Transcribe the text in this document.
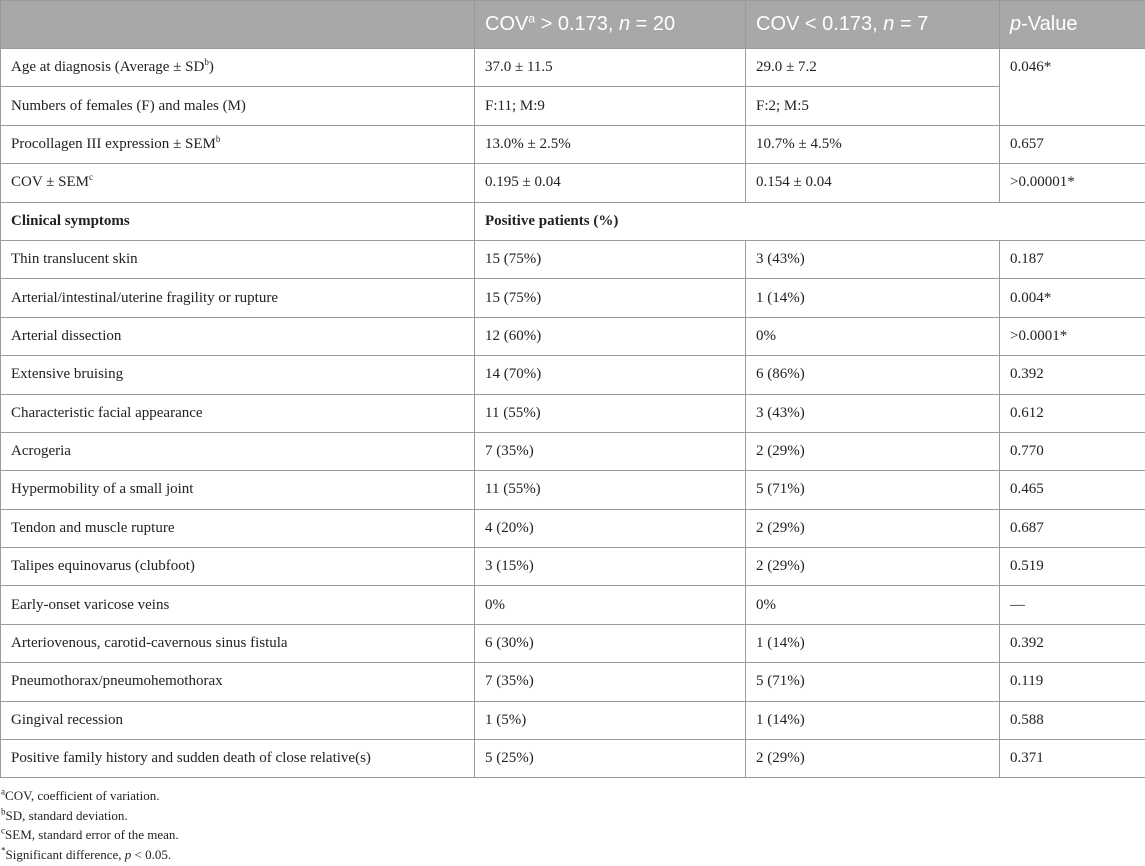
	$COV^a > 0.173$, n = 20	COV < 0.173, n = 7	p-Value
Age at diagnosis (Average ± $SD^b$)	37.0 ± 11.5	29.0 ± 7.2	0.046*
Numbers of females (F) and males (M)	F:11; M:9	F:2; M:5	
Procollagen III expression ± $SEM^b$	13.0% ± 2.5%	10.7% ± 4.5%	0.657
COV ± $SEM^c$	0.195 ± 0.04	0.154 ± 0.04	>0.00001*
Clinical symptoms	Positive patients (%)		
Thin translucent skin	15 (75%)	3 (43%)	0.187
Arterial/intestinal/uterine fragility or rupture	15 (75%)	1 (14%)	0.004*
Arterial dissection	12 (60%)	0%	>0.0001*
Extensive bruising	14 (70%)	6 (86%)	0.392
Characteristic facial appearance	11 (55%)	3 (43%)	0.612
Acrogeria	7 (35%)	2 (29%)	0.770
Hypermobility of a small joint	11 (55%)	5 (71%)	0.465
Tendon and muscle rupture	4 (20%)	2 (29%)	0.687
Talipes equinovarus (clubfoot)	3 (15%)	2 (29%)	0.519
Early-onset varicose veins	0%	0%	—
Arteriovenous, carotid-cavernous sinus fistula	6 (30%)	1 (14%)	0.392
Pneumothorax/pneumohemothorax	7 (35%)	5 (71%)	0.119
Gingival recession	1 (5%)	1 (14%)	0.588
Positive family history and sudden death of close relative(s)	5 (25%)	2 (29%)	0.371
$^a$COV, coefficient of variation.
$^b$SD, standard deviation.
$^c$SEM, standard error of the mean.
*Significant difference, p < 0.05.
